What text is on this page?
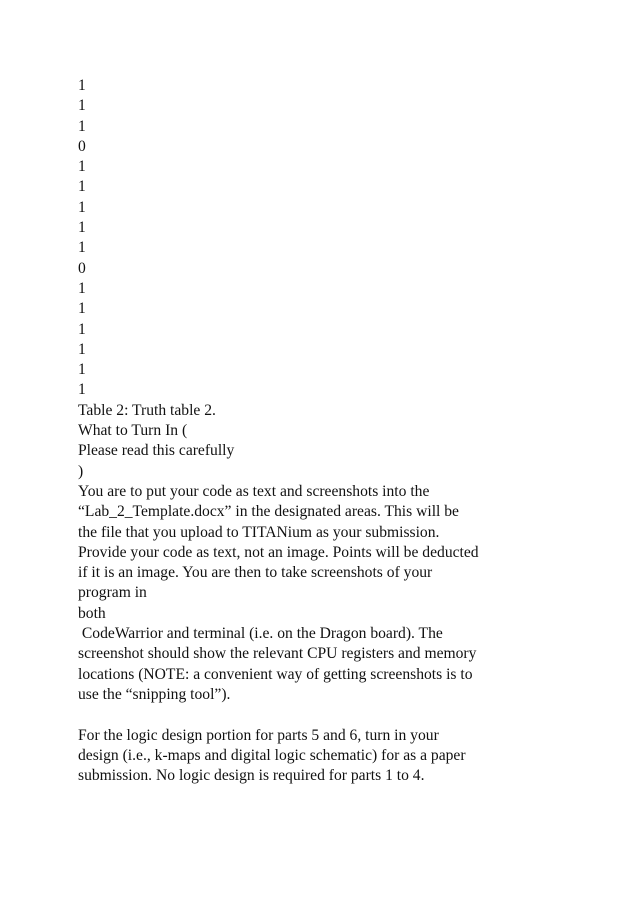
1
1
1
0
1
1
1
1
1
0
1
1
1
1
1
1
Table 2: Truth table 2.
What to Turn In (
Please read this carefully
)
You are to put your code as text and screenshots into the
“Lab_2_Template.docx” in the designated areas. This will be
the file that you upload to TITANium as your submission.
Provide your code as text, not an image. Points will be deducted
if it is an image. You are then to take screenshots of your
program in
both
CodeWarrior and terminal (i.e. on the Dragon board). The
screenshot should show the relevant CPU registers and memory
locations (NOTE: a convenient way of getting screenshots is to
use the “snipping tool”).
For the logic design portion for parts 5 and 6, turn in your
design (i.e., k-maps and digital logic schematic) for as a paper
submission. No logic design is required for parts 1 to 4.
